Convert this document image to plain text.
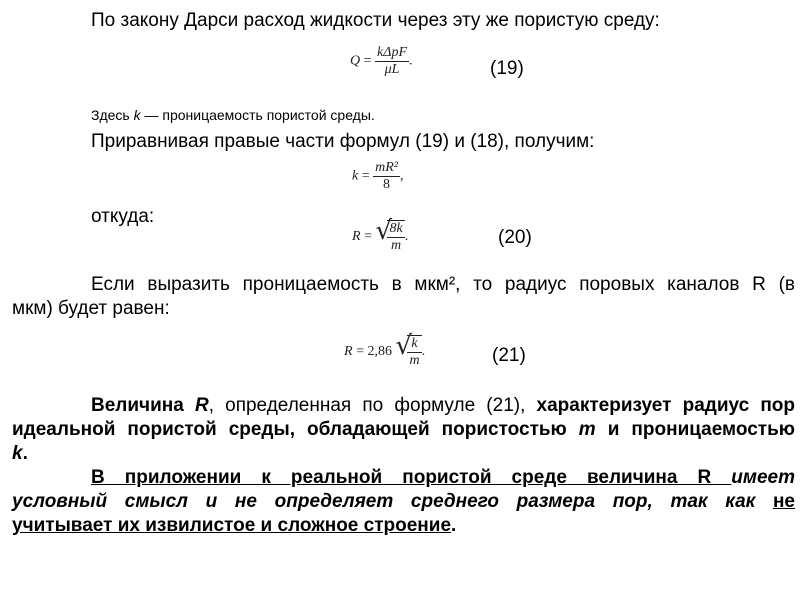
По закону Дарси расход жидкости через эту же пористую среду:
$Q = \frac{\text{kΔpF}}{\mu L}$ .	(19)
Здесь k — проницаемость пористой среды.
Приравнивая правые части формул (19) и (18), получим:
$k = \frac{\text{mR²}}{8}$ ,
откуда:
R = √
$\frac{8k}{m}$ .	(20)
Если выразить проницаемость в мкм², то радиус поровых каналов R (в
мкм) будет равен:
R = 2,86 √
$\frac{k}{m}$ .	(21)
Величина R, определенная по формуле (21), характеризует радиус пор
идеальной пористой среды, обладающей пористостью m и проницаемостью
k.
В приложении к реальной пористой среде величина R имеет
условный смысл и не определяет среднего размера пор, так как не
учитывает их извилистое и сложное строение.
